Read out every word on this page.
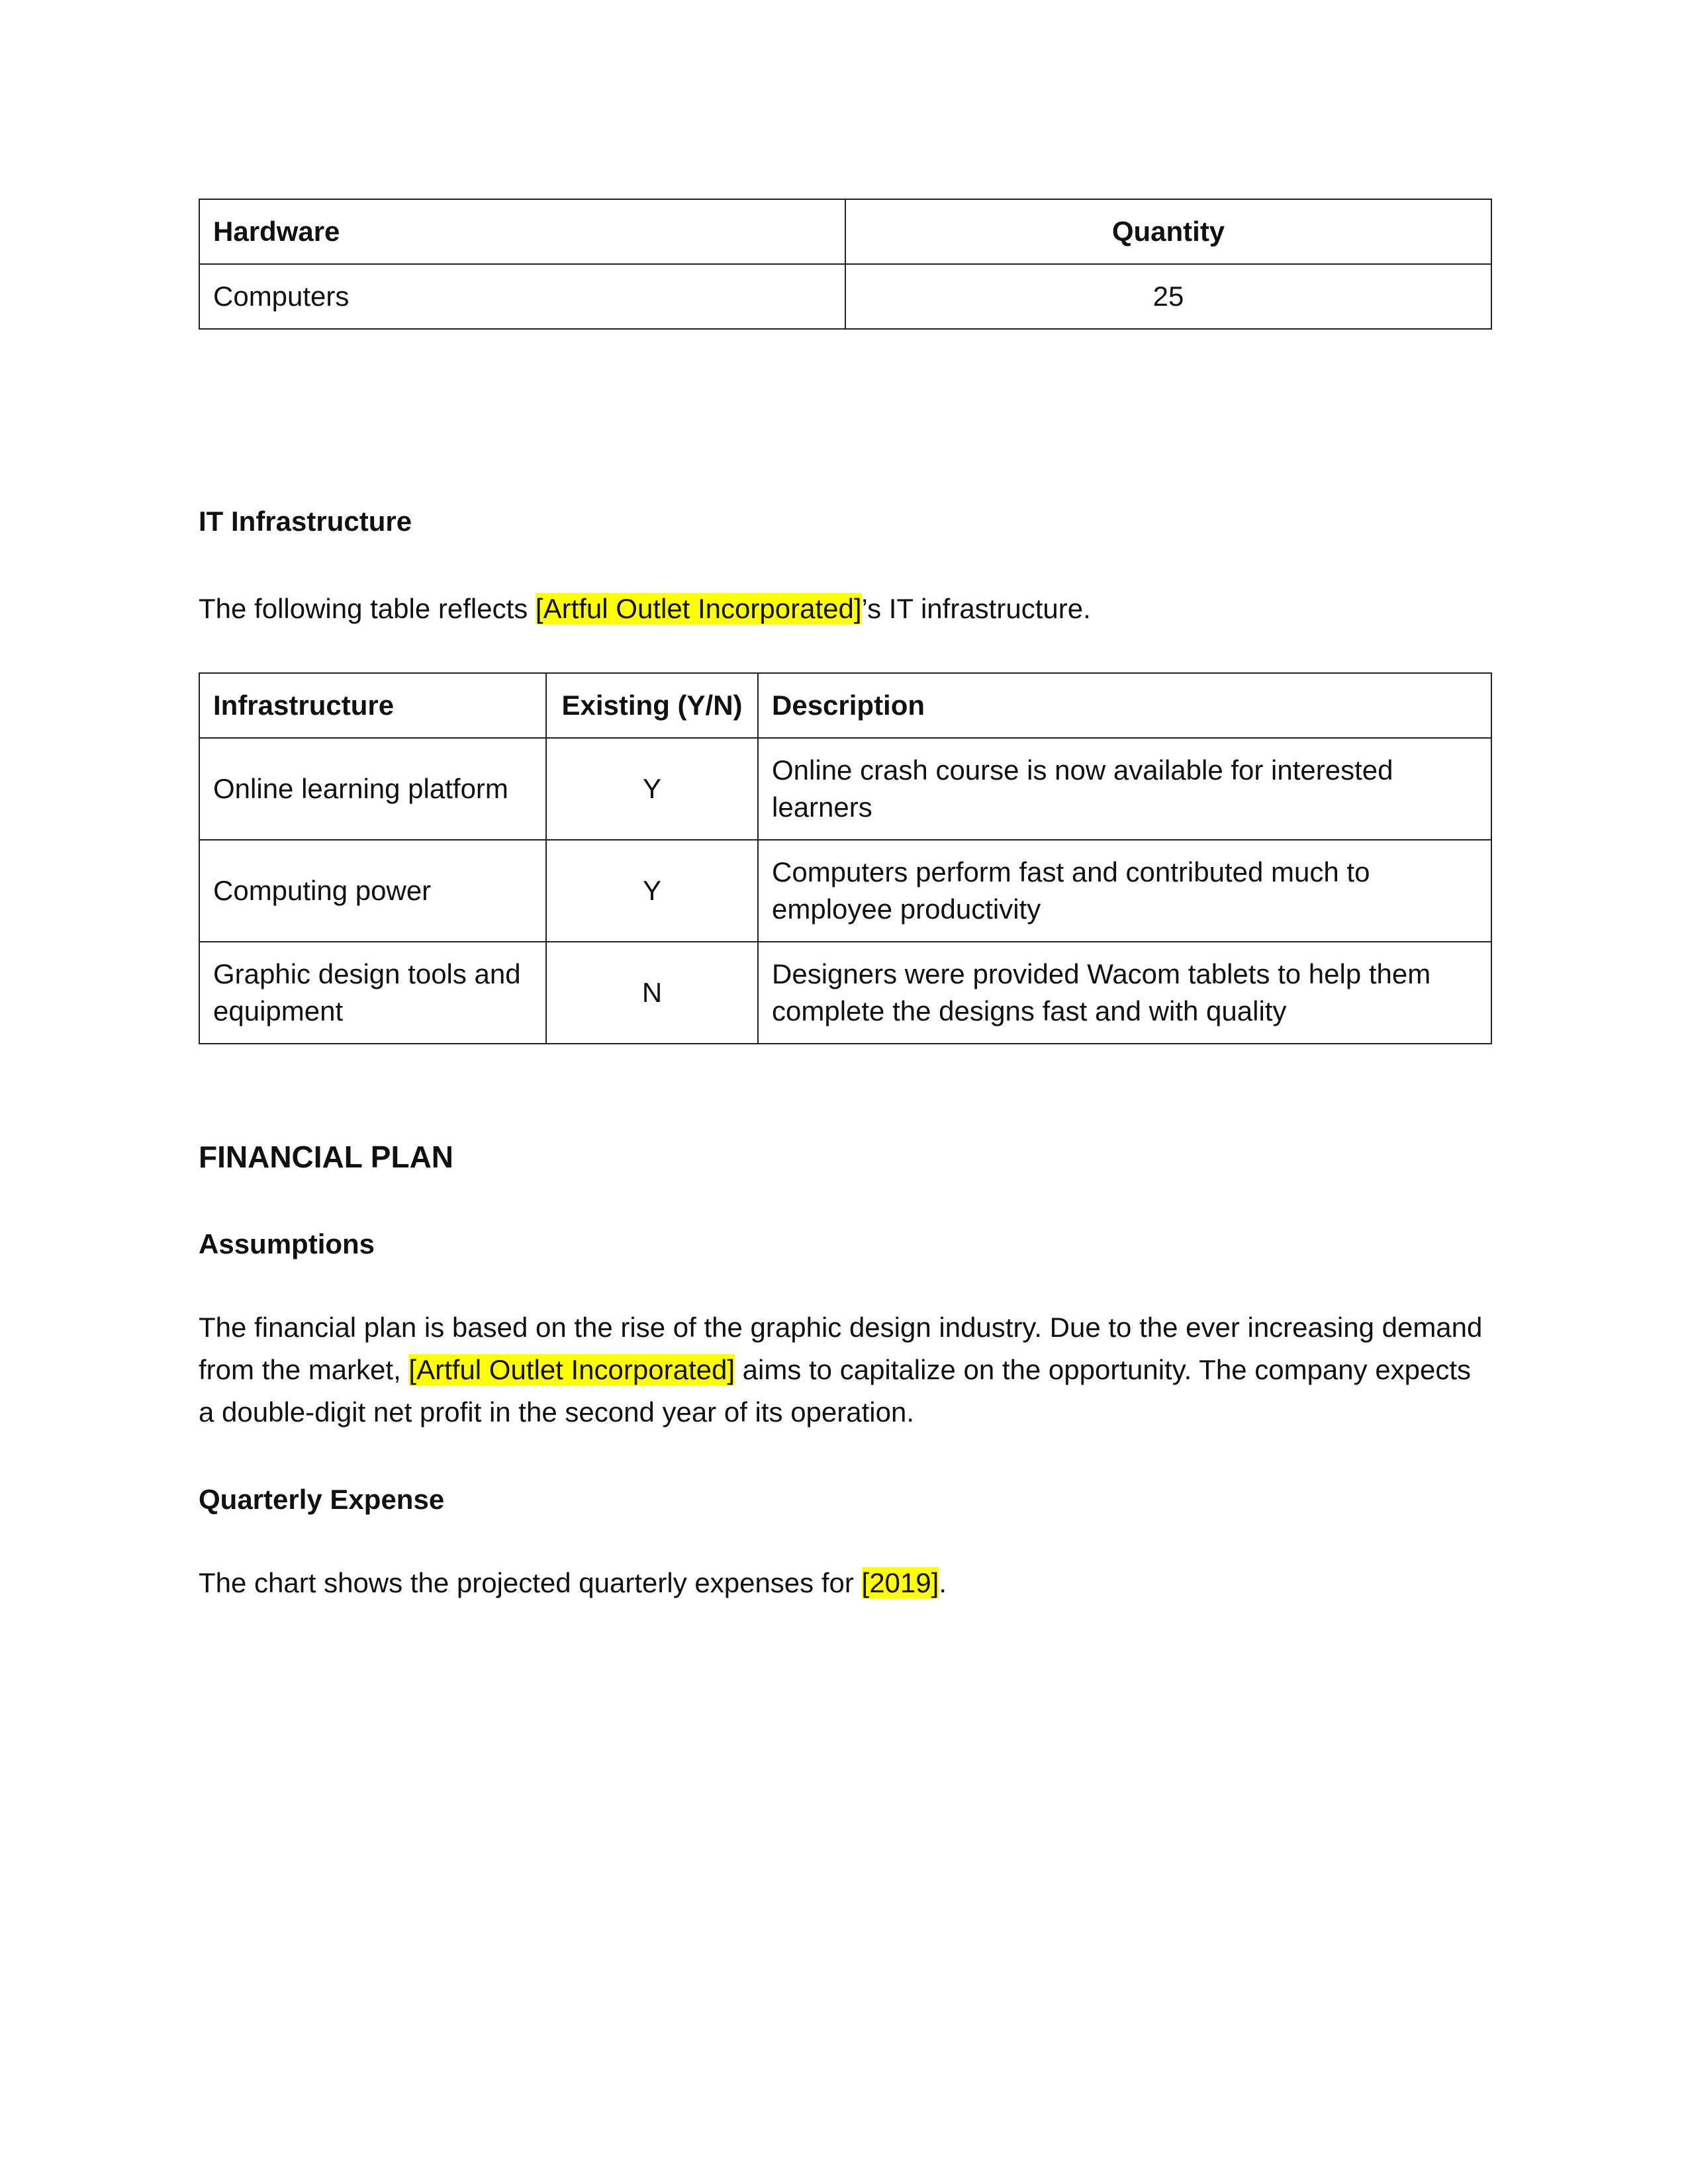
Hardware	Quantity
Computers	25

IT Infrastructure

The following table reflects [Artful Outlet Incorporated]’s IT infrastructure.

Infrastructure	Existing (Y/N)	Description
Online learning platform	Y	Online crash course is now available for interested learners
Computing power	Y	Computers perform fast and contributed much to employee productivity
Graphic design tools and equipment	N	Designers were provided Wacom tablets to help them complete the designs fast and with quality

FINANCIAL PLAN

Assumptions

The financial plan is based on the rise of the graphic design industry. Due to the ever increasing demand from the market, [Artful Outlet Incorporated] aims to capitalize on the opportunity. The company expects a double-digit net profit in the second year of its operation.

Quarterly Expense

The chart shows the projected quarterly expenses for [2019].
